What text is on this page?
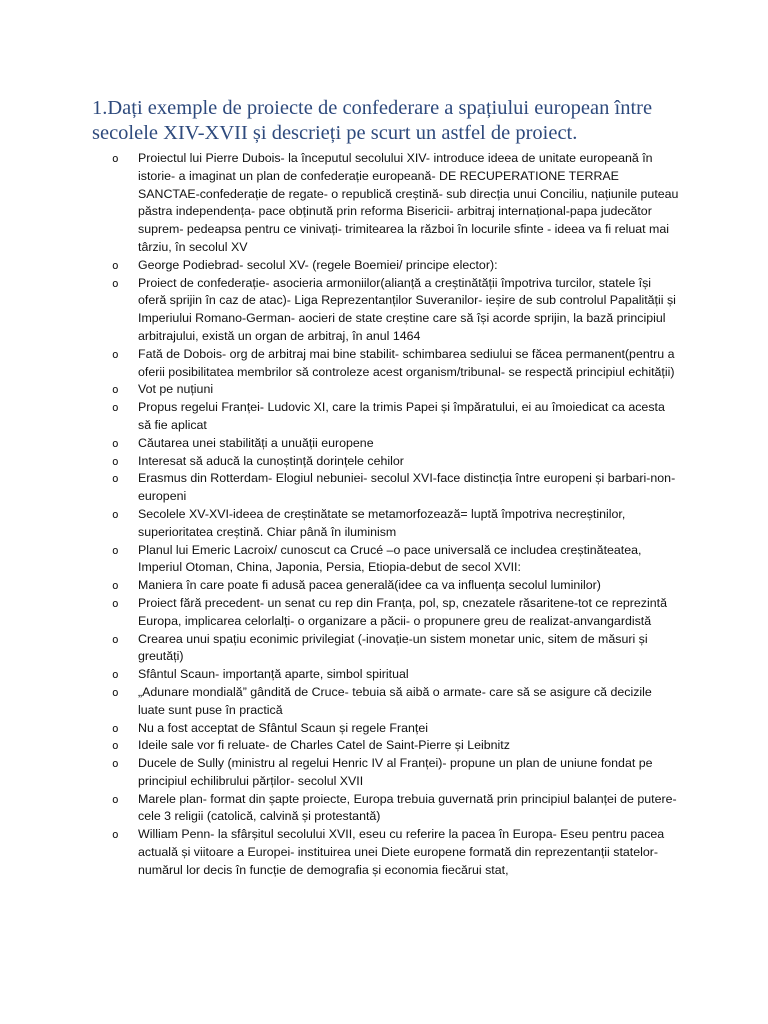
1.Dați exemple de proiecte de confederare a spațiului european între secolele XIV-XVII și descrieți pe scurt un astfel de proiect.
o Proiectul lui Pierre Dubois- la începutul secolului XIV- introduce ideea de unitate europeană în istorie- a imaginat un plan de confederație europeană- DE RECUPERATIONE TERRAE SANCTAE-confederație de regate- o republică creștină- sub direcția unui Conciliu, națiunile puteau păstra independența- pace obținută prin reforma Bisericii- arbitraj internațional-papa judecător suprem- pedeapsa pentru ce vinivați- trimitearea la război în locurile sfinte - ideea va fi reluat mai târziu, în secolul XV
o George Podiebrad- secolul XV- (regele Boemiei/ principe elector):
o Proiect de confederație- asocieria armoniilor(alianță a creștinătății împotriva turcilor, statele își oferă sprijin în caz de atac)- Liga Reprezentanților Suveranilor- ieșire de sub controlul Papalității și Imperiului Romano-German- aocieri de state creștine care să își acorde sprijin, la bază principiul arbitrajului, există un organ de arbitraj, în anul 1464
o Fată de Dobois- org de arbitraj mai bine stabilit- schimbarea sediului se făcea permanent(pentru a oferii posibilitatea membrilor să controleze acest organism/tribunal- se respectă principiul echității)
o Vot pe nuțiuni
o Propus regelui Franței- Ludovic XI, care la trimis Papei și împăratului, ei au îmoiedicat ca acesta să fie aplicat
o Căutarea unei stabilități a unuății europene
o Interesat să aducă la cunoștință dorințele cehilor
o Erasmus din Rotterdam- Elogiul nebuniei- secolul XVI-face distincția între europeni și barbari-non-europeni
o Secolele XV-XVI-ideea de creștinătate se metamorfozează= luptă împotriva necreștinilor, superioritatea creștină. Chiar până în iluminism
o Planul lui Emeric Lacroix/ cunoscut ca Crucé –o pace universală ce includea creștinăteatea, Imperiul Otoman, China, Japonia, Persia, Etiopia-debut de secol XVII:
o Maniera în care poate fi adusă pacea generală(idee ca va influența secolul luminilor)
o Proiect fără precedent- un senat cu rep din Franța, pol, sp, cnezatele răsaritene-tot ce reprezintă Europa, implicarea celorlalți- o organizare a păcii- o propunere greu de realizat-anvangardistă
o Crearea unui spațiu econimic privilegiat (-inovație-un sistem monetar unic, sitem de măsuri și greutăți)
o Sfântul Scaun- importanță aparte, simbol spiritual
o „Adunare mondială” gândită de Cruce- tebuia să aibă o armate- care să se asigure că decizile luate sunt puse în practică
o Nu a fost acceptat de Sfântul Scaun și regele Franței
o Ideile sale vor fi reluate- de Charles Catel de Saint-Pierre și Leibnitz
o Ducele de Sully (ministru al regelui Henric IV al Franței)- propune un plan de uniune fondat pe principiul echilibrului părților- secolul XVII
o Marele plan- format din șapte proiecte, Europa trebuia guvernată prin principiul balanței de putere- cele 3 religii (catolică, calvină și protestantă)
o William Penn- la sfârșitul secolului XVII, eseu cu referire la pacea în Europa- Eseu pentru pacea actuală și viitoare a Europei- instituirea unei Diete europene formată din reprezentanții statelor- numărul lor decis în funcție de demografia și economia fiecărui stat,
